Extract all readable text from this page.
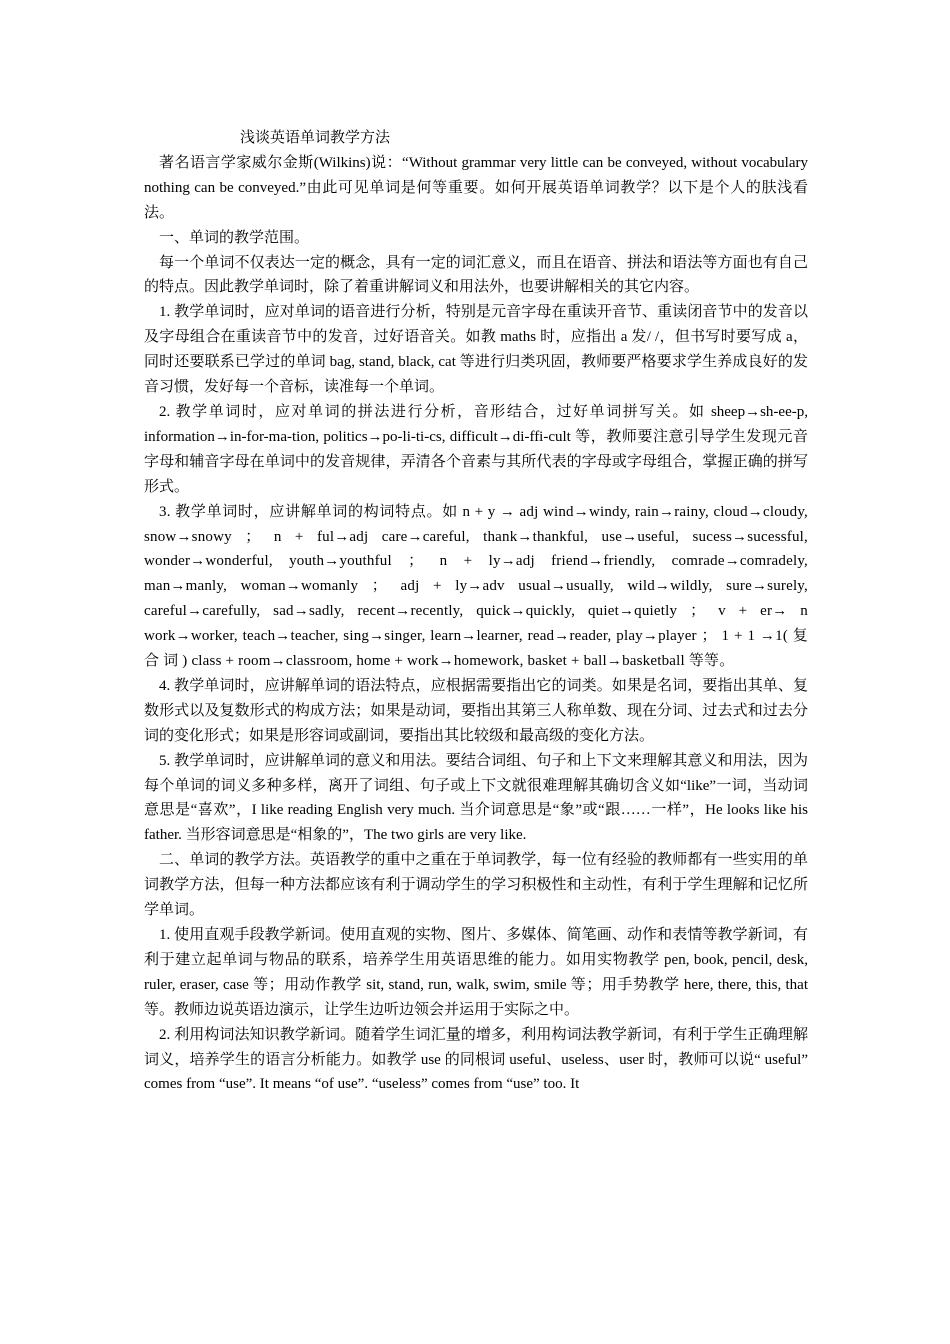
浅谈英语单词教学方法

著名语言学家威尔金斯(Wilkins)说：“Without grammar very little can be conveyed, without vocabulary nothing can be conveyed.”由此可见单词是何等重要。如何开展英语单词教学？以下是个人的肤浅看法。

一、单词的教学范围。

每一个单词不仅表达一定的概念，具有一定的词汇意义，而且在语音、拼法和语法等方面也有自己的特点。因此教学单词时，除了着重讲解词义和用法外，也要讲解相关的其它内容。

1. 教学单词时，应对单词的语音进行分析，特别是元音字母在重读开音节、重读闭音节中的发音以及字母组合在重读音节中的发音，过好语音关。如教 maths 时，应指出 a 发/ /，但书写时要写成 a，同时还要联系已学过的单词 bag, stand, black, cat 等进行归类巩固，教师要严格要求学生养成良好的发音习惯，发好每一个音标，读准每一个单词。

2. 教学单词时，应对单词的拼法进行分析，音形结合，过好单词拼写关。如 sheep→sh-ee-p, information→in-for-ma-tion, politics→po-li-ti-cs, difficult→di-ffi-cult 等，教师要注意引导学生发现元音字母和辅音字母在单词中的发音规律，弄清各个音素与其所代表的字母或字母组合，掌握正确的拼写形式。

3. 教学单词时，应讲解单词的构词特点。如 n + y → adj wind→windy, rain→rainy, cloud→cloudy, snow→snowy ； n + ful→adj care→careful, thank→thankful, use→useful, sucess→sucessful, wonder→wonderful, youth→youthful ； n + ly→adj friend→friendly, comrade→comradely, man→manly, woman→womanly ； adj + ly→adv usual→usually, wild→wildly, sure→surely, careful→carefully, sad→sadly, recent→recently, quick→quickly, quiet→quietly ； v + er→ n work→worker, teach→teacher, sing→singer, learn→learner, read→reader, play→player ； 1 + 1 →1( 复 合 词 ) class + room→classroom, home + work→homework, basket + ball→basketball 等等。

4. 教学单词时，应讲解单词的语法特点，应根据需要指出它的词类。如果是名词，要指出其单、复数形式以及复数形式的构成方法；如果是动词，要指出其第三人称单数、现在分词、过去式和过去分词的变化形式；如果是形容词或副词，要指出其比较级和最高级的变化方法。

5. 教学单词时，应讲解单词的意义和用法。要结合词组、句子和上下文来理解其意义和用法，因为每个单词的词义多种多样，离开了词组、句子或上下文就很难理解其确切含义如“like”一词，当动词意思是“喜欢”，I like reading English very much. 当介词意思是“象”或“跟……一样”，He looks like his father. 当形容词意思是“相象的”，The two girls are very like.

二、单词的教学方法。英语教学的重中之重在于单词教学，每一位有经验的教师都有一些实用的单词教学方法，但每一种方法都应该有利于调动学生的学习积极性和主动性，有利于学生理解和记忆所学单词。

1. 使用直观手段教学新词。使用直观的实物、图片、多媒体、简笔画、动作和表情等教学新词，有利于建立起单词与物品的联系，培养学生用英语思维的能力。如用实物教学 pen, book, pencil, desk, ruler, eraser, case 等；用动作教学 sit, stand, run, walk, swim, smile 等；用手势教学 here, there, this, that 等。教师边说英语边演示，让学生边听边领会并运用于实际之中。

2. 利用构词法知识教学新词。随着学生词汇量的增多，利用构词法教学新词，有利于学生正确理解词义，培养学生的语言分析能力。如教学 use 的同根词 useful、useless、user 时，教师可以说“ useful” comes from “use”. It means “of use”. “useless” comes from “use” too. It
